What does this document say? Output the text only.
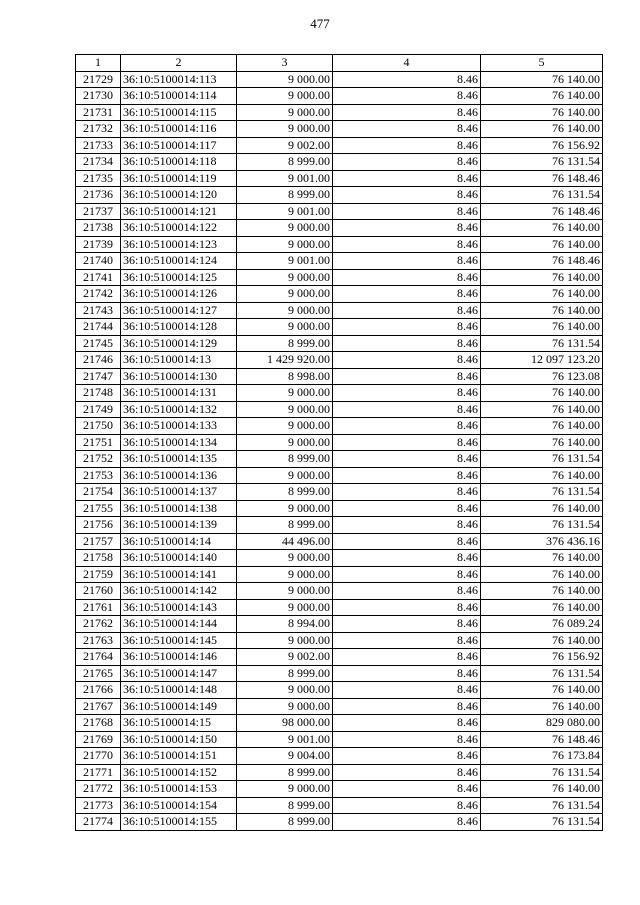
477
1	2	3	4	5
21729	36:10:5100014:113	9 000.00	8.46	76 140.00
21730	36:10:5100014:114	9 000.00	8.46	76 140.00
21731	36:10:5100014:115	9 000.00	8.46	76 140.00
21732	36:10:5100014:116	9 000.00	8.46	76 140.00
21733	36:10:5100014:117	9 002.00	8.46	76 156.92
21734	36:10:5100014:118	8 999.00	8.46	76 131.54
21735	36:10:5100014:119	9 001.00	8.46	76 148.46
21736	36:10:5100014:120	8 999.00	8.46	76 131.54
21737	36:10:5100014:121	9 001.00	8.46	76 148.46
21738	36:10:5100014:122	9 000.00	8.46	76 140.00
21739	36:10:5100014:123	9 000.00	8.46	76 140.00
21740	36:10:5100014:124	9 001.00	8.46	76 148.46
21741	36:10:5100014:125	9 000.00	8.46	76 140.00
21742	36:10:5100014:126	9 000.00	8.46	76 140.00
21743	36:10:5100014:127	9 000.00	8.46	76 140.00
21744	36:10:5100014:128	9 000.00	8.46	76 140.00
21745	36:10:5100014:129	8 999.00	8.46	76 131.54
21746	36:10:5100014:13	1 429 920.00	8.46	12 097 123.20
21747	36:10:5100014:130	8 998.00	8.46	76 123.08
21748	36:10:5100014:131	9 000.00	8.46	76 140.00
21749	36:10:5100014:132	9 000.00	8.46	76 140.00
21750	36:10:5100014:133	9 000.00	8.46	76 140.00
21751	36:10:5100014:134	9 000.00	8.46	76 140.00
21752	36:10:5100014:135	8 999.00	8.46	76 131.54
21753	36:10:5100014:136	9 000.00	8.46	76 140.00
21754	36:10:5100014:137	8 999.00	8.46	76 131.54
21755	36:10:5100014:138	9 000.00	8.46	76 140.00
21756	36:10:5100014:139	8 999.00	8.46	76 131.54
21757	36:10:5100014:14	44 496.00	8.46	376 436.16
21758	36:10:5100014:140	9 000.00	8.46	76 140.00
21759	36:10:5100014:141	9 000.00	8.46	76 140.00
21760	36:10:5100014:142	9 000.00	8.46	76 140.00
21761	36:10:5100014:143	9 000.00	8.46	76 140.00
21762	36:10:5100014:144	8 994.00	8.46	76 089.24
21763	36:10:5100014:145	9 000.00	8.46	76 140.00
21764	36:10:5100014:146	9 002.00	8.46	76 156.92
21765	36:10:5100014:147	8 999.00	8.46	76 131.54
21766	36:10:5100014:148	9 000.00	8.46	76 140.00
21767	36:10:5100014:149	9 000.00	8.46	76 140.00
21768	36:10:5100014:15	98 000.00	8.46	829 080.00
21769	36:10:5100014:150	9 001.00	8.46	76 148.46
21770	36:10:5100014:151	9 004.00	8.46	76 173.84
21771	36:10:5100014:152	8 999.00	8.46	76 131.54
21772	36:10:5100014:153	9 000.00	8.46	76 140.00
21773	36:10:5100014:154	8 999.00	8.46	76 131.54
21774	36:10:5100014:155	8 999.00	8.46	76 131.54
